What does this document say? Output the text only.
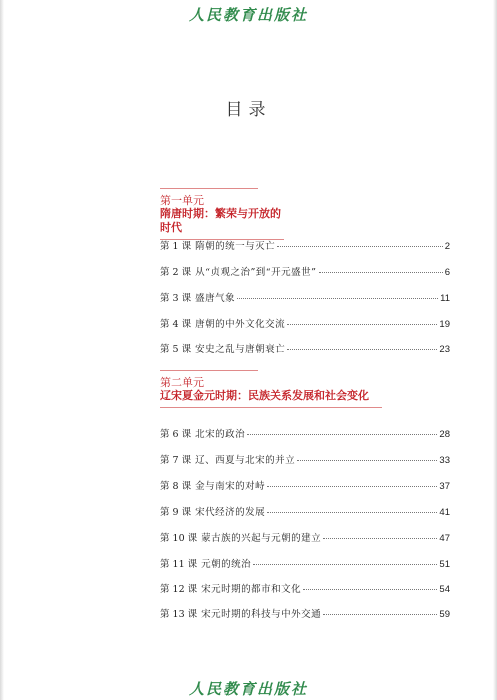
人民教育出版社
目录
第一单元
隋唐时期：繁荣与开放的时代
第 1 课 隋朝的统一与灭亡	2
第 2 课 从“贞观之治”到“开元盛世”	6
第 3 课 盛唐气象	11
第 4 课 唐朝的中外文化交流	19
第 5 课 安史之乱与唐朝衰亡	23
第二单元
辽宋夏金元时期：民族关系发展和社会变化
第 6 课 北宋的政治	28
第 7 课 辽、西夏与北宋的并立	33
第 8 课 金与南宋的对峙	37
第 9 课 宋代经济的发展	41
第 10 课 蒙古族的兴起与元朝的建立	47
第 11 课 元朝的统治	51
第 12 课 宋元时期的都市和文化	54
第 13 课 宋元时期的科技与中外交通	59
人民教育出版社
